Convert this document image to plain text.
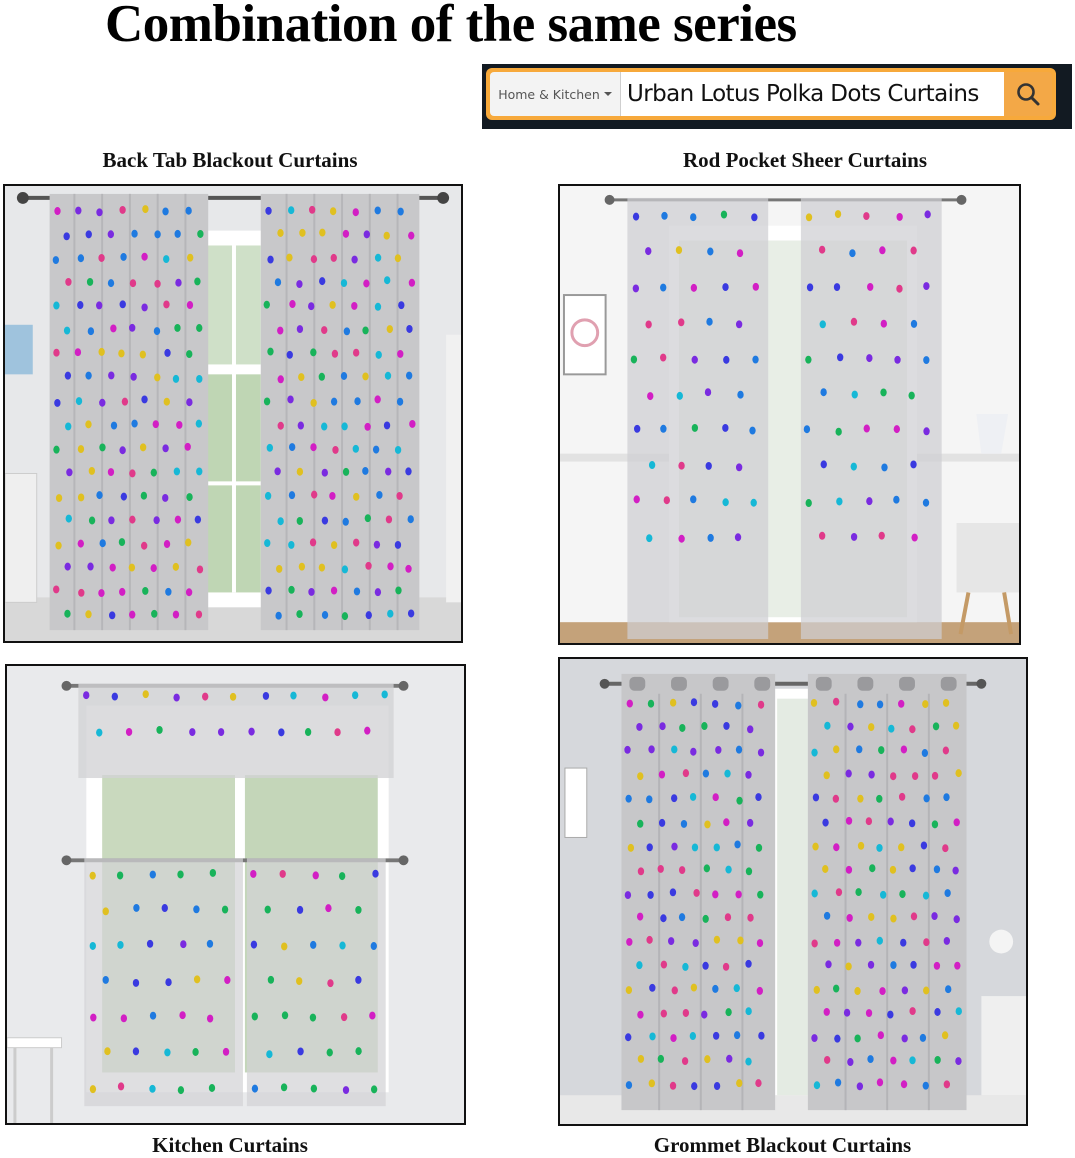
Combination of the same series
Home & Kitchen
Urban Lotus Polka Dots Curtains
Back Tab Blackout Curtains	Rod Pocket Sheer Curtains
Kitchen Curtains	Grommet Blackout Curtains
